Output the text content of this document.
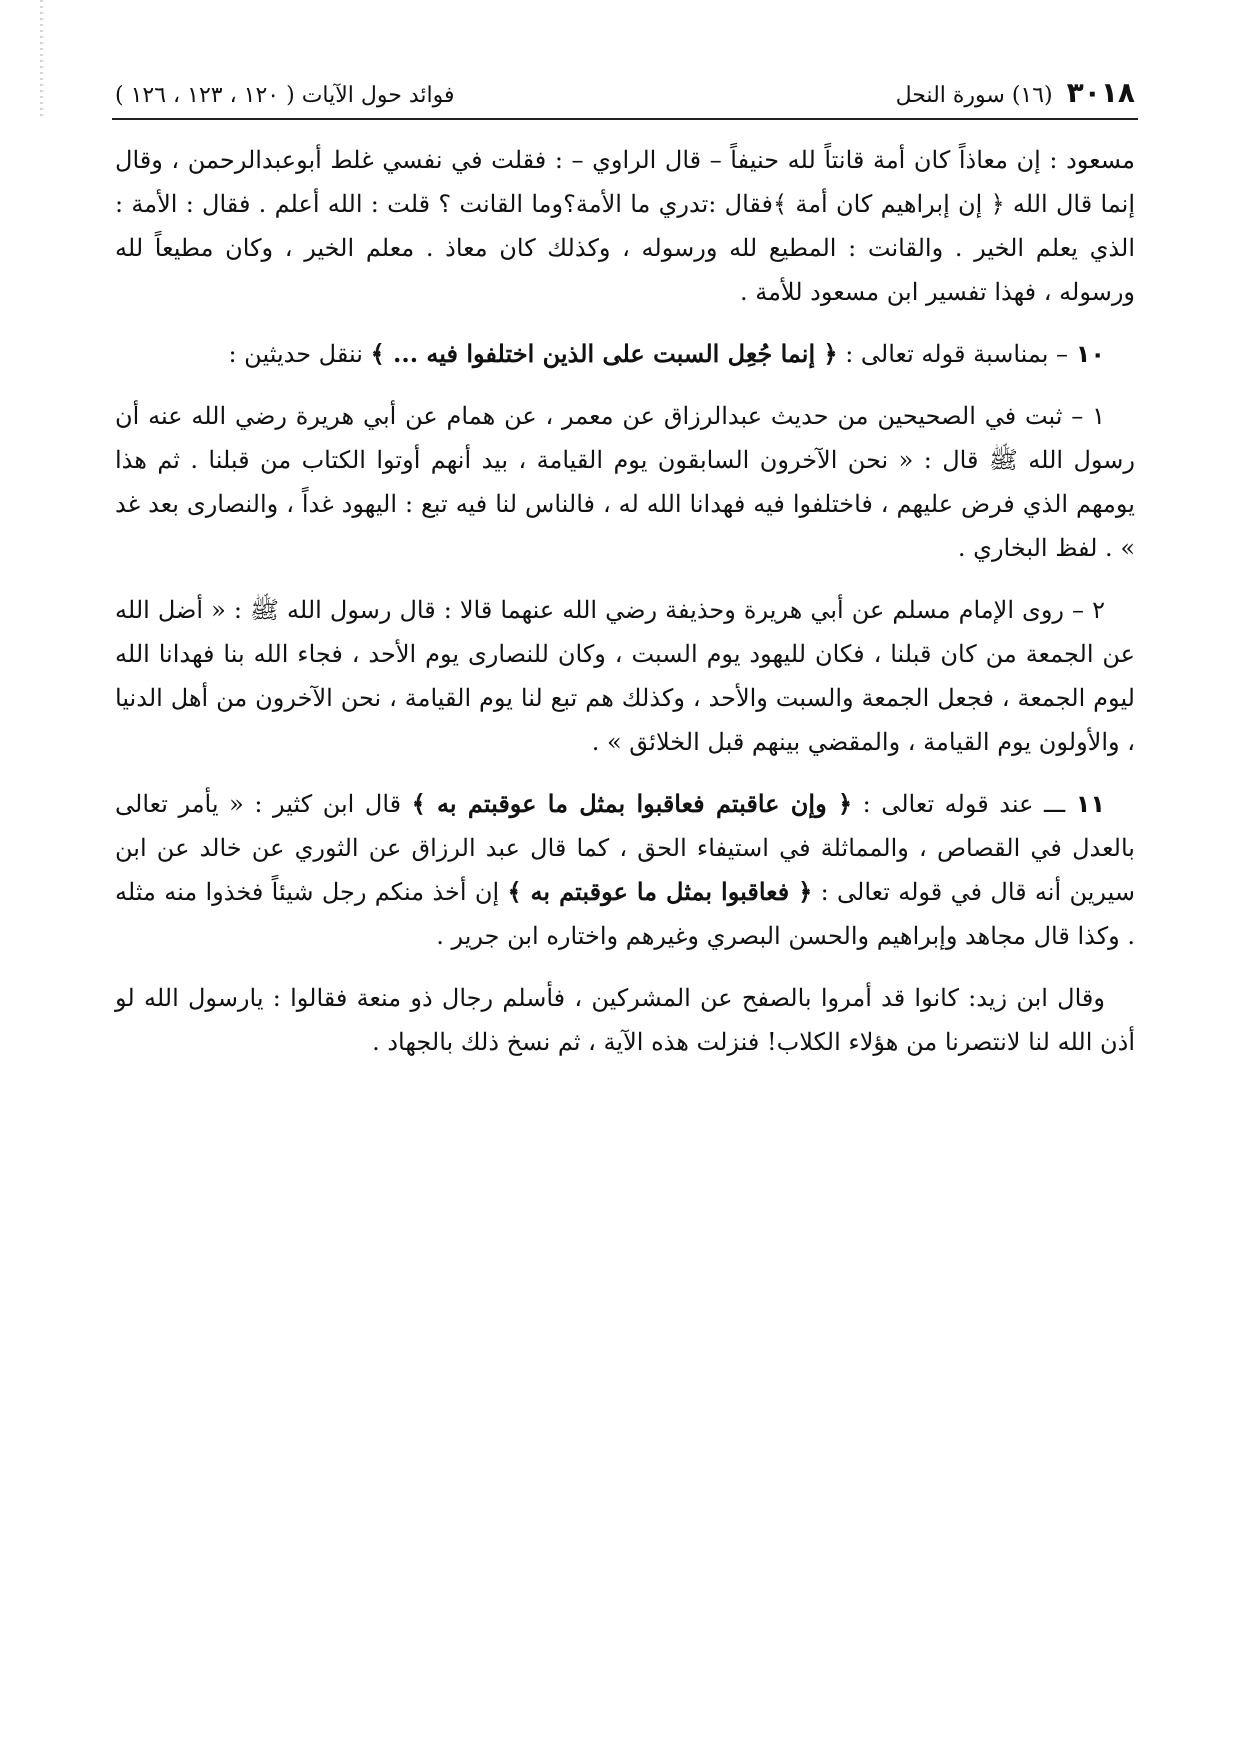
٣٠١٨
(١٦) سورة النحل
فوائد حول الآيات ( ١٢٠ ، ١٢٣ ، ١٢٦ )

مسعود : إن معاذاً كان أمة قانتاً لله حنيفاً – قال الراوي – : فقلت في نفسي غلط أبوعبدالرحمن ، وقال إنما قال الله ﴿ إن إبراهيم كان أمة ﴾فقال :تدري ما الأمة؟وما القانت ؟ قلت : الله أعلم . فقال : الأمة : الذي يعلم الخير . والقانت : المطيع لله ورسوله ، وكذلك كان معاذ . معلم الخير ، وكان مطيعاً لله ورسوله ، فهذا تفسير ابن مسعود للأمة .

١٠ – بمناسبة قوله تعالى : ﴿ إنما جُعِل السبت على الذين اختلفوا فيه ... ﴾ ننقل حديثين :

١ – ثبت في الصحيحين من حديث عبدالرزاق عن معمر ، عن همام عن أبي هريرة رضي الله عنه أن رسول الله ﷺ قال : « نحن الآخرون السابقون يوم القيامة ، بيد أنهم أوتوا الكتاب من قبلنا . ثم هذا يومهم الذي فرض عليهم ، فاختلفوا فيه فهدانا الله له ، فالناس لنا فيه تبع : اليهود غداً ، والنصارى بعد غد » . لفظ البخاري .

٢ – روى الإمام مسلم عن أبي هريرة وحذيفة رضي الله عنهما قالا : قال رسول الله ﷺ : « أضل الله عن الجمعة من كان قبلنا ، فكان لليهود يوم السبت ، وكان للنصارى يوم الأحد ، فجاء الله بنا فهدانا الله ليوم الجمعة ، فجعل الجمعة والسبت والأحد ، وكذلك هم تبع لنا يوم القيامة ، نحن الآخرون من أهل الدنيا ، والأولون يوم القيامة ، والمقضي بينهم قبل الخلائق » .

١١ ـــ عند قوله تعالى : ﴿ وإن عاقبتم فعاقبوا بمثل ما عوقبتم به ﴾ قال ابن كثير : « يأمر تعالى بالعدل في القصاص ، والمماثلة في استيفاء الحق ، كما قال عبد الرزاق عن الثوري عن خالد عن ابن سيرين أنه قال في قوله تعالى : ﴿ فعاقبوا بمثل ما عوقبتم به ﴾ إن أخذ منكم رجل شيئاً فخذوا منه مثله . وكذا قال مجاهد وإبراهيم والحسن البصري وغيرهم واختاره ابن جرير .

وقال ابن زيد: كانوا قد أمروا بالصفح عن المشركين ، فأسلم رجال ذو منعة فقالوا : يارسول الله لو أذن الله لنا لانتصرنا من هؤلاء الكلاب! فنزلت هذه الآية ، ثم نسخ ذلك بالجهاد .
